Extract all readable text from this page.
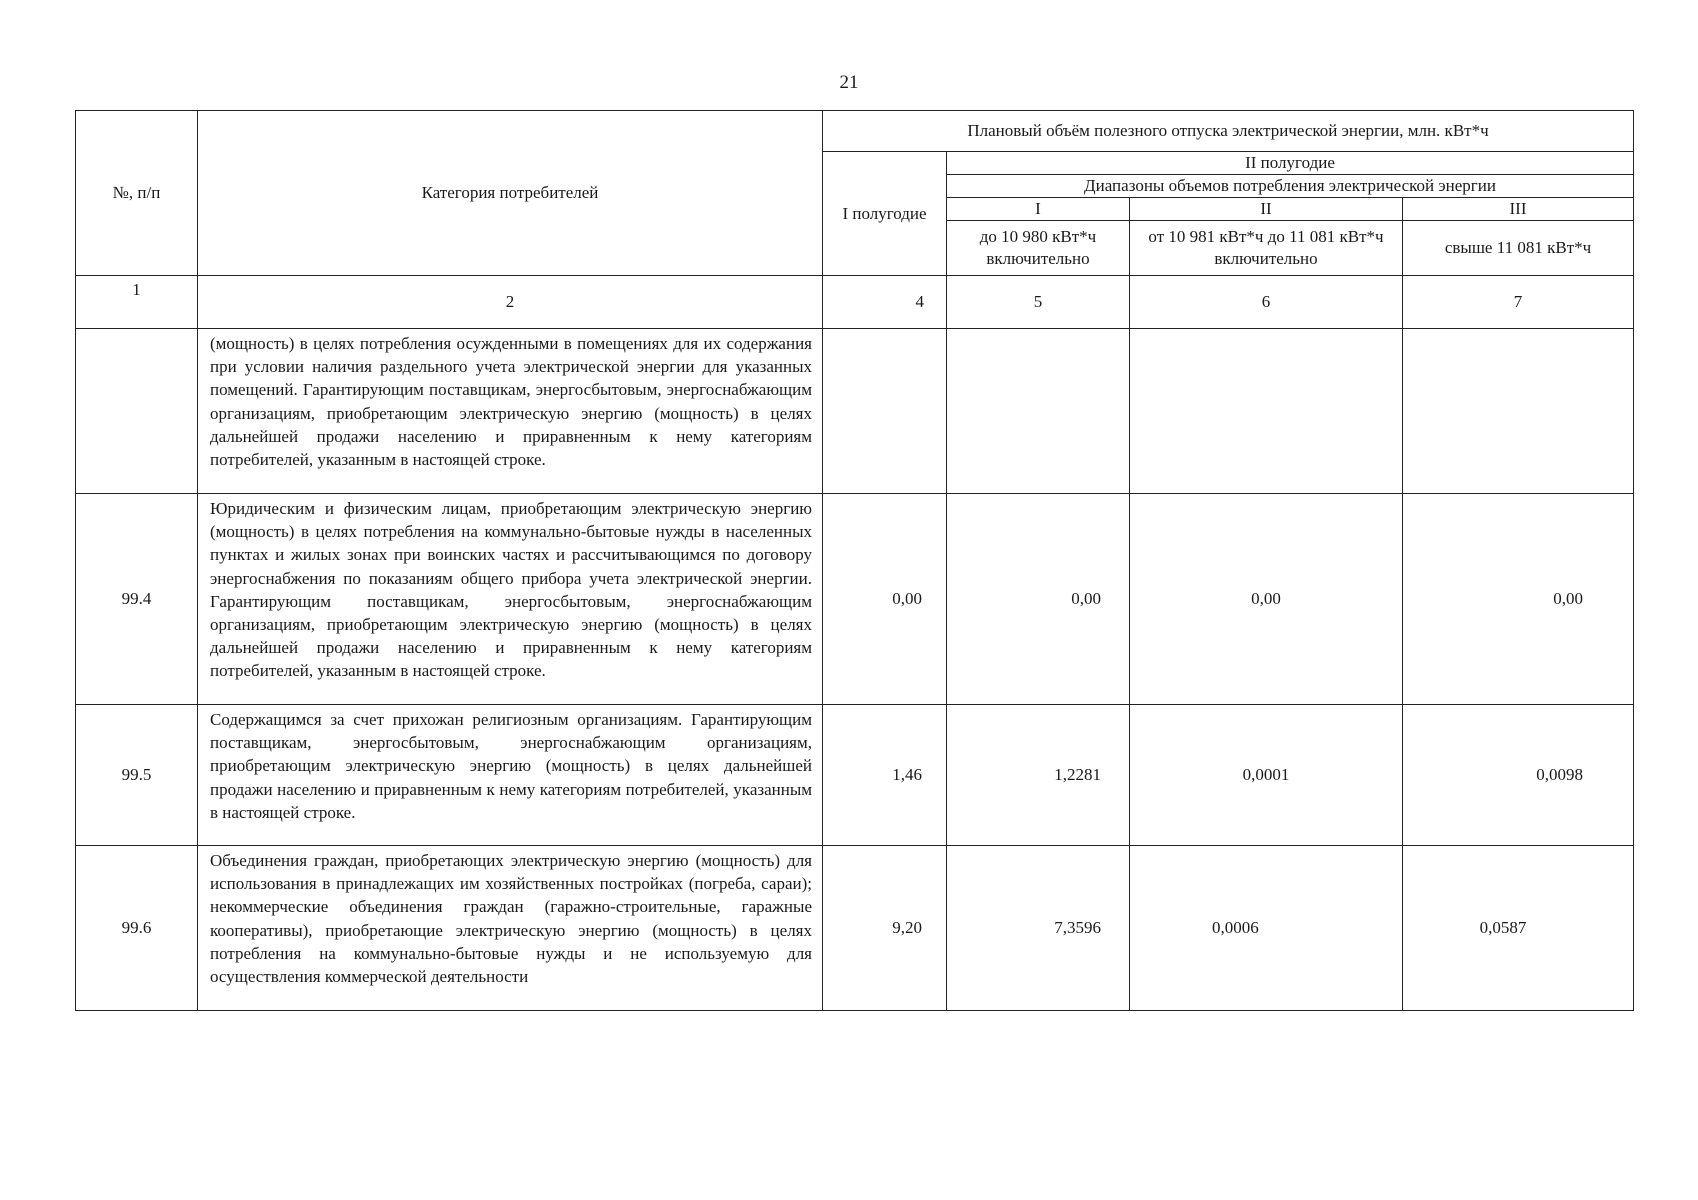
21
№, п/п	Категория потребителей	Плановый объём полезного отпуска электрической энергии, млн. кВт*ч			
		I полугодие	II полугодие		
			Диапазоны объемов потребления электрической энергии		
			I	II	III
			до 10 980 кВт*ч включительно	от 10 981 кВт*ч до 11 081 кВт*ч включительно	свыше 11 081 кВт*ч
1	2	4	5	6	7
	(мощность) в целях потребления осужденными в помещениях для их содержания при условии наличия раздельного учета электрической энергии для указанных помещений. Гарантирующим поставщикам, энергосбытовым, энергоснабжающим организациям, приобретающим электрическую энергию (мощность) в целях дальнейшей продажи населению и приравненным к нему категориям потребителей, указанным в настоящей строке.				
99.4	Юридическим и физическим лицам, приобретающим электрическую энергию (мощность) в целях потребления на коммунально-бытовые нужды в населенных пунктах и жилых зонах при воинских частях и рассчитывающимся по договору энергоснабжения по показаниям общего прибора учета электрической энергии. Гарантирующим поставщикам, энергосбытовым, энергоснабжающим организациям, приобретающим электрическую энергию (мощность) в целях дальнейшей продажи населению и приравненным к нему категориям потребителей, указанным в настоящей строке.	0,00	0,00	0,00	0,00
99.5	Содержащимся за счет прихожан религиозным организациям. Гарантирующим поставщикам, энергосбытовым, энергоснабжающим организациям, приобретающим электрическую энергию (мощность) в целях дальнейшей продажи населению и приравненным к нему категориям потребителей, указанным в настоящей строке.	1,46	1,2281	0,0001	0,0098
99.6	Объединения граждан, приобретающих электрическую энергию (мощность) для использования в принадлежащих им хозяйственных постройках (погреба, сараи); некоммерческие объединения граждан (гаражно-строительные, гаражные кооперативы), приобретающие электрическую энергию (мощность) в целях потребления на коммунально-бытовые нужды и не используемую для осуществления коммерческой деятельности	9,20	7,3596	0,0006	0,0587
